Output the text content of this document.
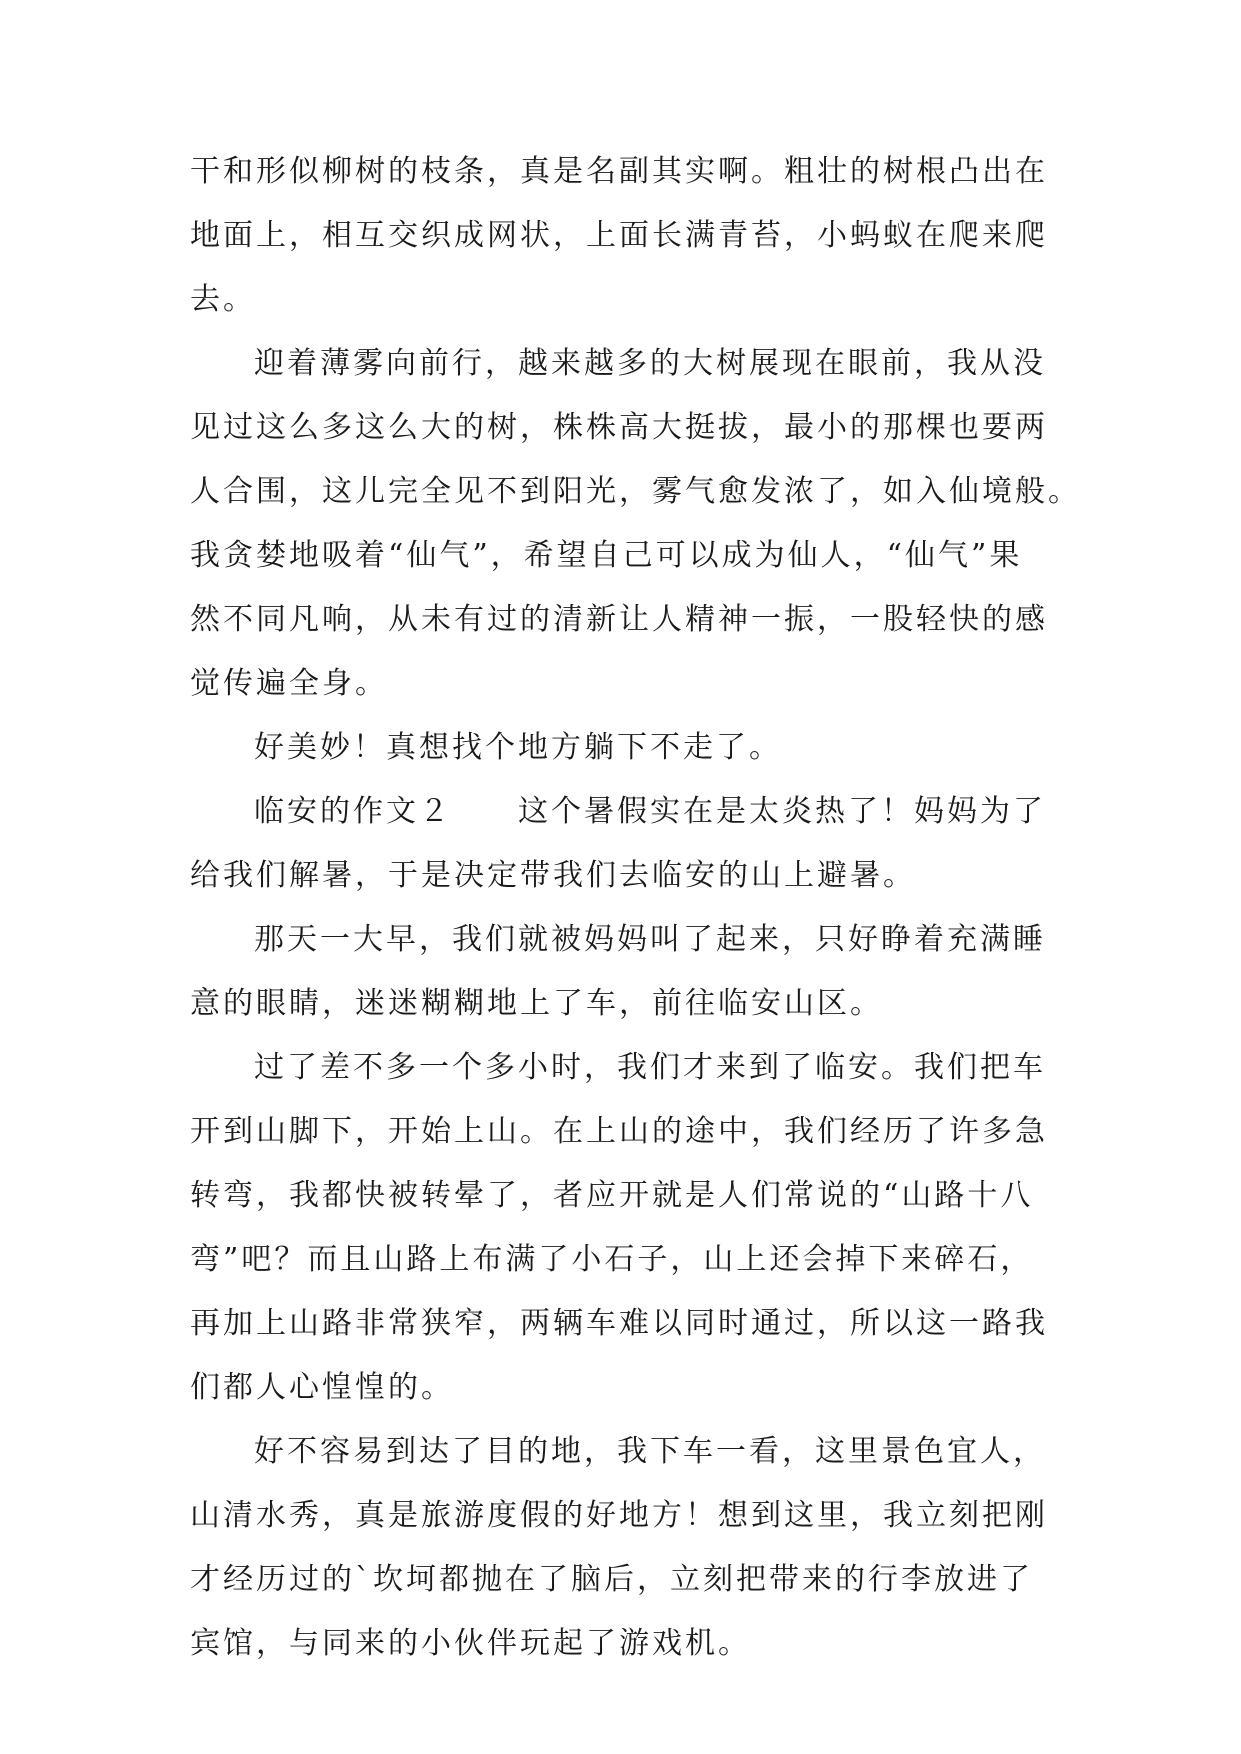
干和形似柳树的枝条，真是名副其实啊。粗壮的树根凸出在
地面上，相互交织成网状，上面长满青苔，小蚂蚁在爬来爬
去。
迎着薄雾向前行，越来越多的大树展现在眼前，我从没
见过这么多这么大的树，株株高大挺拔，最小的那棵也要两
人合围，这儿完全见不到阳光，雾气愈发浓了，如入仙境般。
我贪婪地吸着“仙气”，希望自己可以成为仙人，“仙气”果
然不同凡响，从未有过的清新让人精神一振，一股轻快的感
觉传遍全身。
好美妙！真想找个地方躺下不走了。
临安的作文２　　这个暑假实在是太炎热了！妈妈为了
给我们解暑，于是决定带我们去临安的山上避暑。
那天一大早，我们就被妈妈叫了起来，只好睁着充满睡
意的眼睛，迷迷糊糊地上了车，前往临安山区。
过了差不多一个多小时，我们才来到了临安。我们把车
开到山脚下，开始上山。在上山的途中，我们经历了许多急
转弯，我都快被转晕了，者应开就是人们常说的“山路十八
弯”吧？而且山路上布满了小石子，山上还会掉下来碎石，
再加上山路非常狭窄，两辆车难以同时通过，所以这一路我
们都人心惶惶的。
好不容易到达了目的地，我下车一看，这里景色宜人，
山清水秀，真是旅游度假的好地方！想到这里，我立刻把刚
才经历过的`坎坷都抛在了脑后，立刻把带来的行李放进了
宾馆，与同来的小伙伴玩起了游戏机。
